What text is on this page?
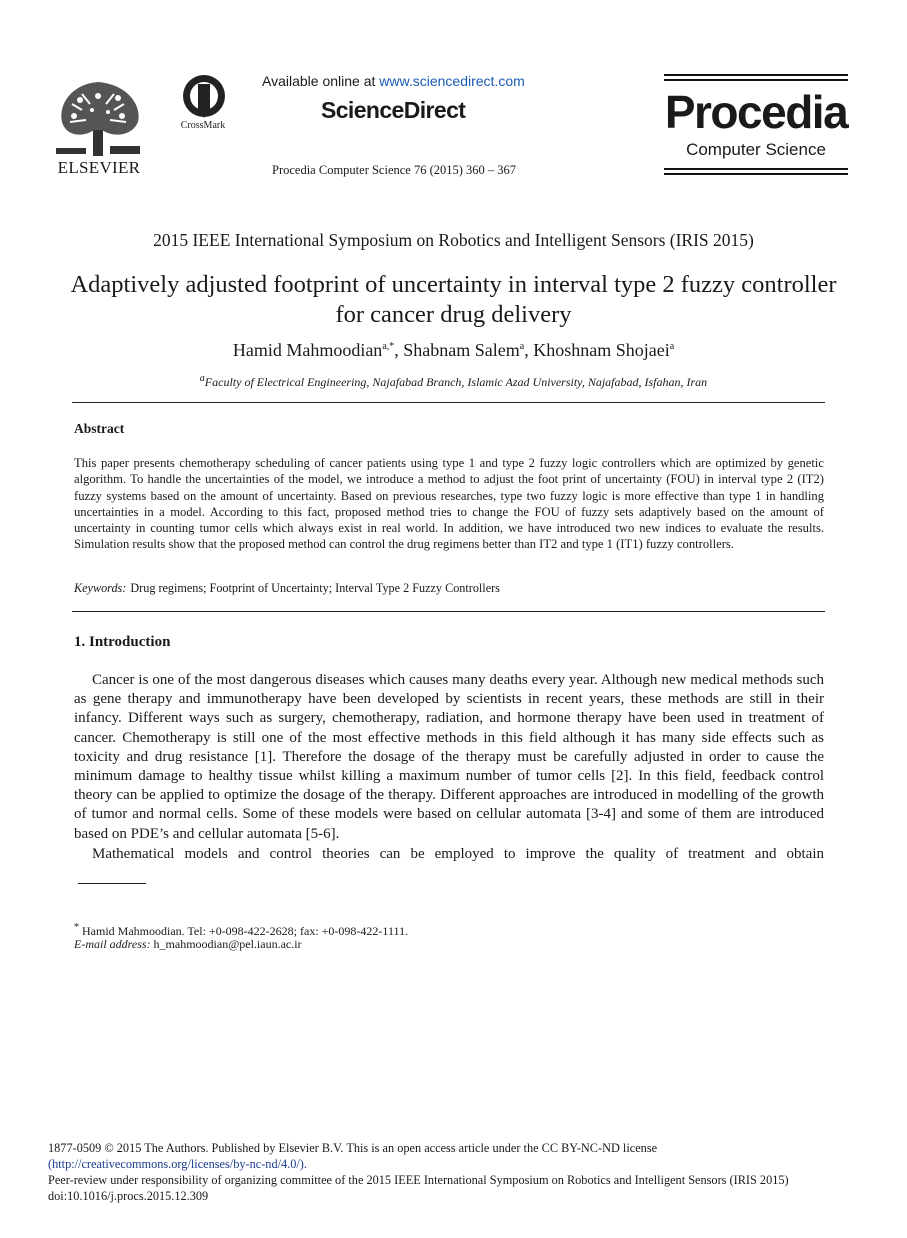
ELSEVIER
CrossMark
Available online at www.sciencedirect.com
ScienceDirect
Procedia Computer Science 76 (2015) 360 – 367
Procedia
Computer Science
2015 IEEE International Symposium on Robotics and Intelligent Sensors (IRIS 2015)
Adaptively adjusted footprint of uncertainty in interval type 2 fuzzy controller for cancer drug delivery
Hamid Mahmoodian$^{a,*}$, Shabnam Salem$^a$, Khoshnam Shojaei$^a$
$^a$Faculty of Electrical Engineering, Najafabad Branch, Islamic Azad University, Najafabad, Isfahan, Iran
Abstract
This paper presents chemotherapy scheduling of cancer patients using type 1 and type 2 fuzzy logic controllers which are optimized by genetic algorithm. To handle the uncertainties of the model, we introduce a method to adjust the foot print of uncertainty (FOU) in interval type 2 (IT2) fuzzy systems based on the amount of uncertainty. Based on previous researches, type two fuzzy logic is more effective than type 1 in handling uncertainties in a model. According to this fact, proposed method tries to change the FOU of fuzzy sets adaptively based on the amount of uncertainty in counting tumor cells which always exist in real world. In addition, we have introduced two new indices to evaluate the results. Simulation results show that the proposed method can control the drug regimens better than IT2 and type 1 (IT1) fuzzy controllers.
Keywords: Drug regimens; Footprint of Uncertainty; Interval Type 2 Fuzzy Controllers
1. Introduction
Cancer is one of the most dangerous diseases which causes many deaths every year. Although new medical methods such as gene therapy and immunotherapy have been developed by scientists in recent years, these methods are still in their infancy. Different ways such as surgery, chemotherapy, radiation, and hormone therapy have been used in treatment of cancer. Chemotherapy is still one of the most effective methods in this field although it has many side effects such as toxicity and drug resistance [1]. Therefore the dosage of the therapy must be carefully adjusted in order to cause the minimum damage to healthy tissue whilst killing a maximum number of tumor cells [2]. In this field, feedback control theory can be applied to optimize the dosage of the therapy. Different approaches are introduced in modelling of the growth of tumor and normal cells. Some of these models were based on cellular automata [3-4] and some of them are introduced based on PDE’s and cellular automata [5-6].
Mathematical models and control theories can be employed to improve the quality of treatment and obtain
* Hamid Mahmoodian. Tel: +0-098-422-2628; fax: +0-098-422-1111.
E-mail address: h_mahmoodian@pel.iaun.ac.ir
1877-0509 © 2015 The Authors. Published by Elsevier B.V. This is an open access article under the CC BY-NC-ND license
(http://creativecommons.org/licenses/by-nc-nd/4.0/).
Peer-review under responsibility of organizing committee of the 2015 IEEE International Symposium on Robotics and Intelligent Sensors (IRIS 2015)
doi:10.1016/j.procs.2015.12.309
